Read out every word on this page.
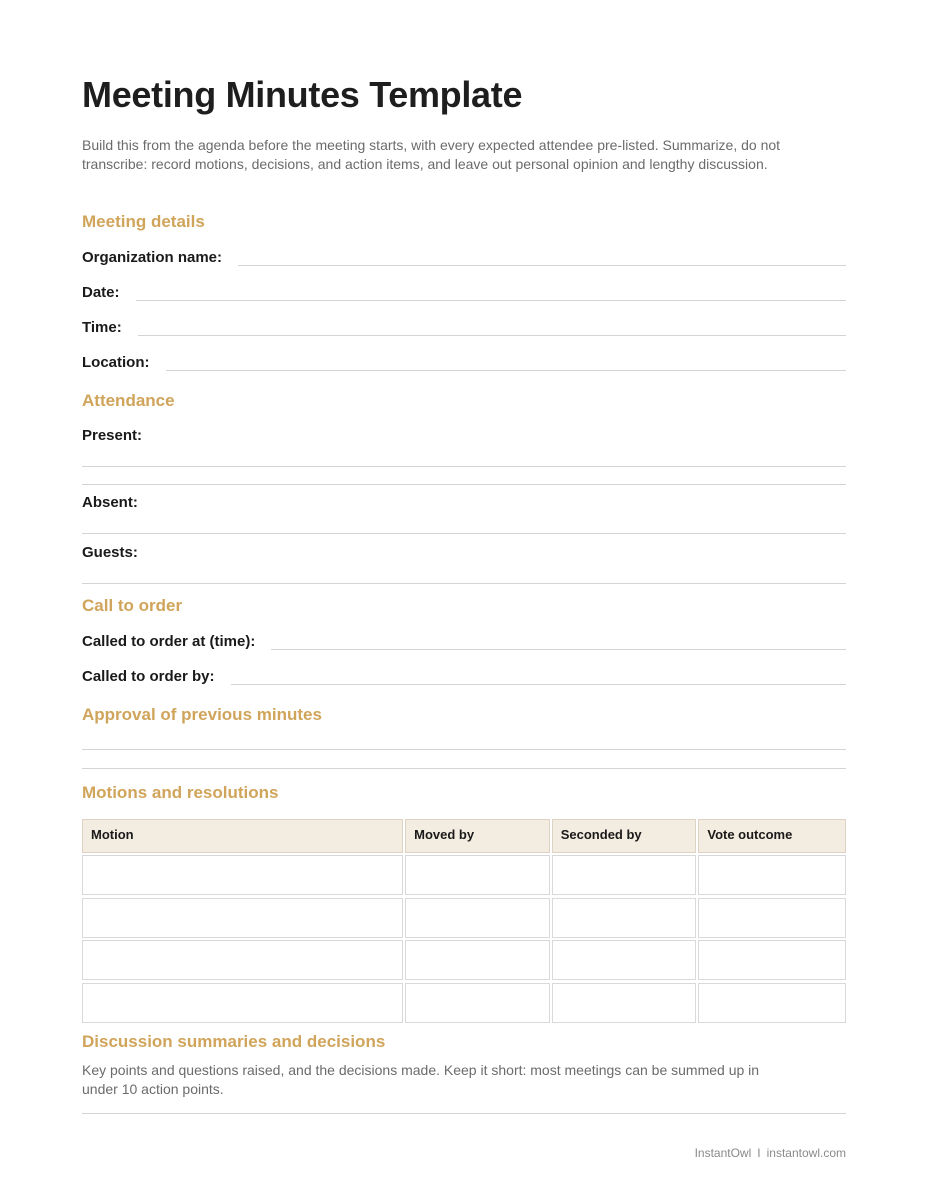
Meeting Minutes Template

Build this from the agenda before the meeting starts, with every expected attendee pre-listed. Summarize, do not transcribe: record motions, decisions, and action items, and leave out personal opinion and lengthy discussion.

Meeting details
Organization name:
Date:
Time:
Location:
Attendance
Present:
Absent:
Guests:
Call to order
Called to order at (time):
Called to order by:
Approval of previous minutes
Motions and resolutions
Motion	Moved by	Seconded by	Vote outcome
Discussion summaries and decisions

Key points and questions raised, and the decisions made. Keep it short: most meetings can be summed up in under 10 action points.

InstantOwl I instantowl.com
